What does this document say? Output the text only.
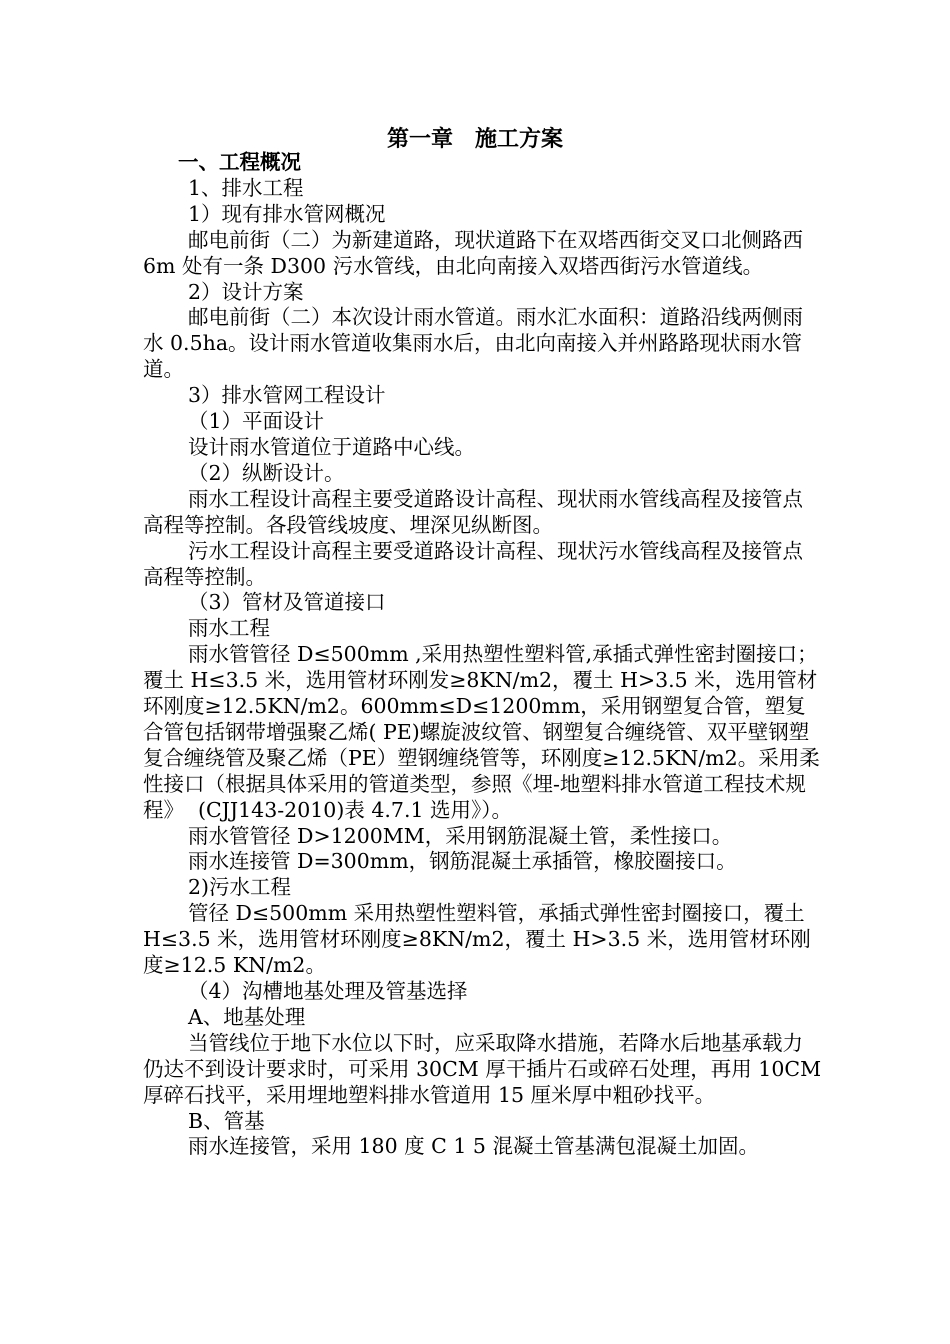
第一章　施工方案

一、工程概况

1、排水工程

1）现有排水管网概况

邮电前街（二）为新建道路，现状道路下在双塔西街交叉口北侧路西 6m 处有一条 D300 污水管线，由北向南接入双塔西街污水管道线。

2）设计方案

邮电前街（二）本次设计雨水管道。雨水汇水面积：道路沿线两侧雨水 0.5ha。设计雨水管道收集雨水后，由北向南接入并州路路现状雨水管道。

3）排水管网工程设计

（1）平面设计

设计雨水管道位于道路中心线。

（2）纵断设计。

雨水工程设计高程主要受道路设计高程、现状雨水管线高程及接管点高程等控制。各段管线坡度、埋深见纵断图。

污水工程设计高程主要受道路设计高程、现状污水管线高程及接管点高程等控制。

（3）管材及管道接口

雨水工程

雨水管管径 D≤500mm ,采用热塑性塑料管,承插式弹性密封圈接口；覆土 H≤3.5 米，选用管材环刚发≥8KN/m2，覆土 H>3.5 米，选用管材环刚度≥12.5KN/m2。600mm≤D≤1200mm，采用钢塑复合管，塑复合管包括钢带增强聚乙烯( PE)螺旋波纹管、钢塑复合缠绕管、双平壁钢塑复合缠绕管及聚乙烯（PE）塑钢缠绕管等，环刚度≥12.5KN/m2。采用柔性接口（根据具体采用的管道类型，参照《埋-地塑料排水管道工程技术规程》 (CJJ143-2010)表 4.7.1 选用》）。

雨水管管径 D>1200MM，采用钢筋混凝土管，柔性接口。

雨水连接管 D=300mm，钢筋混凝土承插管，橡胶圈接口。

2)污水工程

管径 D≤500mm 采用热塑性塑料管，承插式弹性密封圈接口，覆土 H≤3.5 米，选用管材环刚度≥8KN/m2，覆土 H>3.5 米，选用管材环刚度≥12.5 KN/m2。

（4）沟槽地基处理及管基选择

A、地基处理

当管线位于地下水位以下时，应采取降水措施，若降水后地基承载力仍达不到设计要求时，可采用 30CM 厚干插片石或碎石处理，再用 10CM 厚碎石找平，采用埋地塑料排水管道用 15 厘米厚中粗砂找平。

B、管基

雨水连接管，采用 180 度 C 1 5 混凝土管基满包混凝土加固。
